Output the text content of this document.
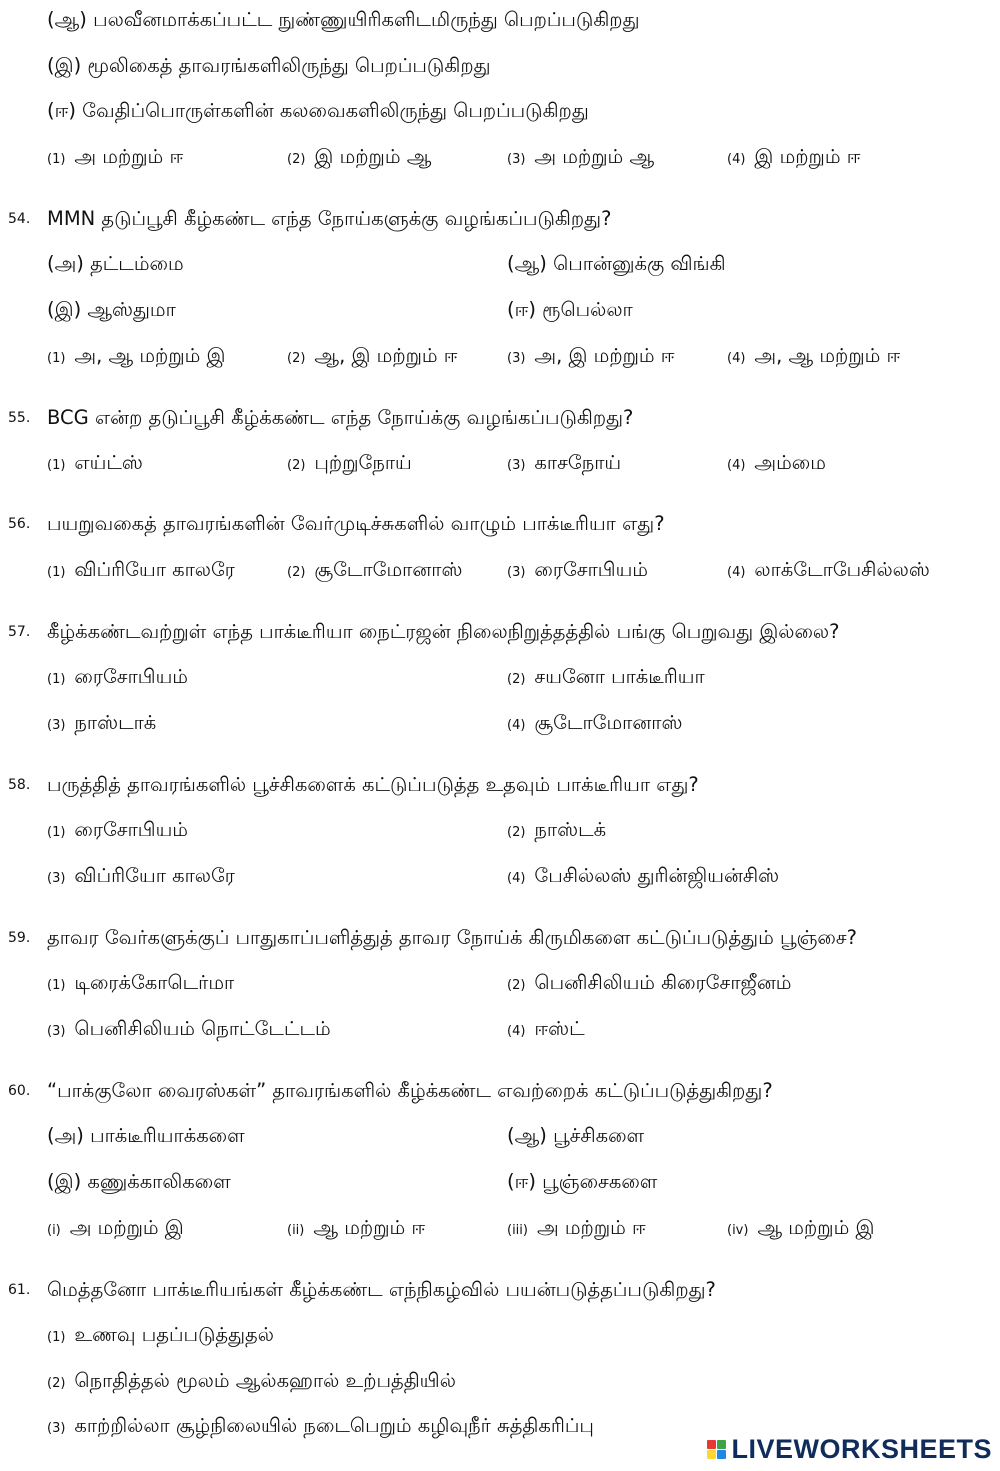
(ஆ) பலவீனமாக்கப்பட்ட நுண்ணுயிரிகளிடமிருந்து பெறப்படுகிறது
(இ) மூலிகைத் தாவரங்களிலிருந்து பெறப்படுகிறது
(ஈ) வேதிப்பொருள்களின் கலவைகளிலிருந்து பெறப்படுகிறது
(1) அ மற்றும் ஈ	(2) இ மற்றும் ஆ	(3) அ மற்றும் ஆ	(4) இ மற்றும் ஈ
54. MMN தடுப்பூசி கீழ்கண்ட எந்த நோய்களுக்கு வழங்கப்படுகிறது?
(அ) தட்டம்மை	(ஆ) பொன்னுக்கு விங்கி
(இ) ஆஸ்துமா	(ஈ) ரூபெல்லா
(1) அ, ஆ மற்றும் இ	(2) ஆ, இ மற்றும் ஈ	(3) அ, இ மற்றும் ஈ	(4) அ, ஆ மற்றும் ஈ
55. BCG என்ற தடுப்பூசி கீழ்க்கண்ட எந்த நோய்க்கு வழங்கப்படுகிறது?
(1) எய்ட்ஸ்	(2) புற்றுநோய்	(3) காசநோய்	(4) அம்மை
56. பயறுவகைத் தாவரங்களின் வேர்முடிச்சுகளில் வாழும் பாக்டீரியா எது?
(1) விப்ரியோ காலரே	(2) சூடோமோனாஸ்	(3) ரைசோபியம்	(4) லாக்டோபேசில்லஸ்
57. கீழ்க்கண்டவற்றுள் எந்த பாக்டீரியா நைட்ரஜன் நிலைநிறுத்தத்தில் பங்கு பெறுவது இல்லை?
(1) ரைசோபியம்	(2) சயனோ பாக்டீரியா
(3) நாஸ்டாக்	(4) சூடோமோனாஸ்
58. பருத்தித் தாவரங்களில் பூச்சிகளைக் கட்டுப்படுத்த உதவும் பாக்டீரியா எது?
(1) ரைசோபியம்	(2) நாஸ்டக்
(3) விப்ரியோ காலரே	(4) பேசில்லஸ் துரின்ஜியன்சிஸ்
59. தாவர வேர்களுக்குப் பாதுகாப்பளித்துத் தாவர நோய்க் கிருமிகளை கட்டுப்படுத்தும் பூஞ்சை?
(1) டிரைக்கோடெர்மா	(2) பெனிசிலியம் கிரைசோஜீனம்
(3) பெனிசிலியம் நொட்டேட்டம்	(4) ஈஸ்ட்
60. “பாக்குலோ வைரஸ்கள்” தாவரங்களில் கீழ்க்கண்ட எவற்றைக் கட்டுப்படுத்துகிறது?
(அ) பாக்டீரியாக்களை	(ஆ) பூச்சிகளை
(இ) கணுக்காலிகளை	(ஈ) பூஞ்சைகளை
(i) அ மற்றும் இ	(ii) ஆ மற்றும் ஈ	(iii) அ மற்றும் ஈ	(iv) ஆ மற்றும் இ
61. மெத்தனோ பாக்டீரியங்கள் கீழ்க்கண்ட எந்நிகழ்வில் பயன்படுத்தப்படுகிறது?
(1) உணவு பதப்படுத்துதல்
(2) நொதித்தல் மூலம் ஆல்கஹால் உற்பத்தியில்
(3) காற்றில்லா சூழ்நிலையில் நடைபெறும் கழிவுநீர் சுத்திகரிப்பு
LIVEWORKSHEETS
